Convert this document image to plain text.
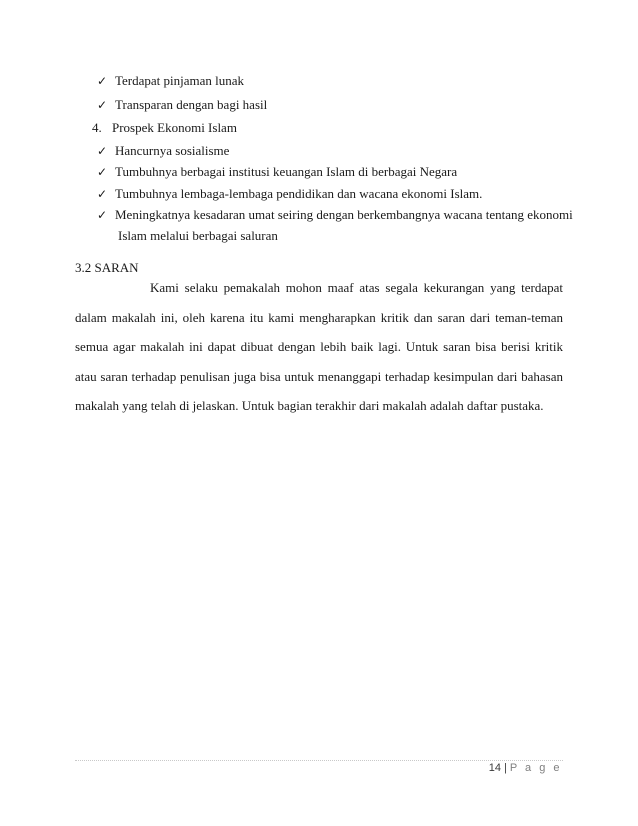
✓ Terdapat pinjaman lunak
✓ Transparan dengan bagi hasil
4. Prospek Ekonomi Islam
✓ Hancurnya sosialisme
✓ Tumbuhnya berbagai institusi keuangan Islam di berbagai Negara
✓ Tumbuhnya lembaga-lembaga pendidikan dan wacana ekonomi Islam.
✓ Meningkatnya kesadaran umat seiring dengan berkembangnya wacana tentang ekonomi
Islam melalui berbagai saluran
3.2 SARAN

Kami selaku pemakalah mohon maaf atas segala kekurangan yang terdapat dalam makalah ini, oleh karena itu kami mengharapkan kritik dan saran dari teman-teman semua agar makalah ini dapat dibuat dengan lebih baik lagi. Untuk saran bisa berisi kritik atau saran terhadap penulisan juga bisa untuk menanggapi terhadap kesimpulan dari bahasan makalah yang telah di jelaskan. Untuk bagian terakhir dari makalah adalah daftar pustaka.

14 | P a g e
